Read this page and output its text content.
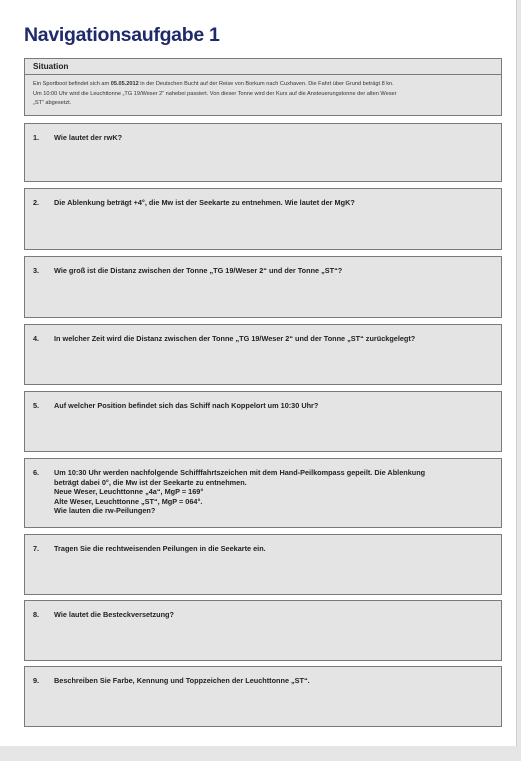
Navigationsaufgabe 1
Situation
Ein Sportboot befindet sich am 05.05.2012 in der Deutschen Bucht auf der Reise von Borkum nach Cuxhaven. Die Fahrt über Grund beträgt 8 kn.
Um 10:00 Uhr wird die Leuchttonne „TG 19/Weser 2“ nahebei passiert. Von dieser Tonne wird der Kurs auf die Ansteuerungstonne der alten Weser
„ST“ abgesetzt.
1. Wie lautet der rwK?
2. Die Ablenkung beträgt +4°, die Mw ist der Seekarte zu entnehmen. Wie lautet der MgK?
3. Wie groß ist die Distanz zwischen der Tonne „TG 19/Weser 2“ und der Tonne „ST“?
4. In welcher Zeit wird die Distanz zwischen der Tonne „TG 19/Weser 2“ und der Tonne „ST“ zurückgelegt?
5. Auf welcher Position befindet sich das Schiff nach Koppelort um 10:30 Uhr?
6. Um 10:30 Uhr werden nachfolgende Schifffahrtszeichen mit dem Hand-Peilkompass gepeilt. Die Ablenkung
beträgt dabei 0°, die Mw ist der Seekarte zu entnehmen.
Neue Weser, Leuchttonne „4a“, MgP = 169°
Alte Weser, Leuchttonne „ST“, MgP = 064°.
Wie lauten die rw-Peilungen?
7. Tragen Sie die rechtweisenden Peilungen in die Seekarte ein.
8. Wie lautet die Besteckversetzung?
9. Beschreiben Sie Farbe, Kennung und Toppzeichen der Leuchttonne „ST“.
